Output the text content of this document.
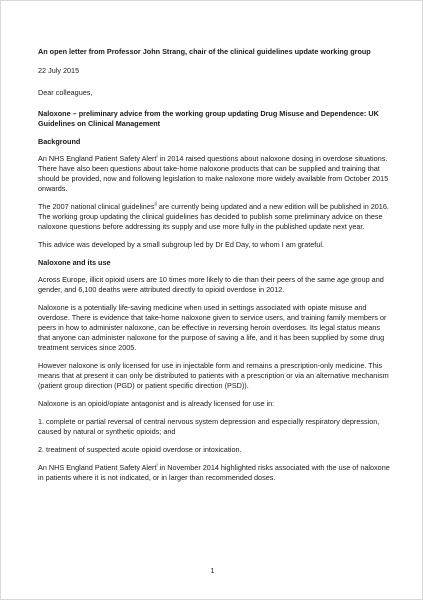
An open letter from Professor John Strang, chair of the clinical guidelines update working group

22 July 2015

Dear colleagues,

Naloxone – preliminary advice from the working group updating Drug Misuse and Dependence: UK Guidelines on Clinical Management

Background

An NHS England Patient Safety Alert$^i$ in 2014 raised questions about naloxone dosing in overdose situations. There have also been questions about take-home naloxone products that can be supplied and training that should be provided, now and following legislation to make naloxone more widely available from October 2015 onwards.

The 2007 national clinical guidelines$^{ii}$ are currently being updated and a new edition will be published in 2016. The working group updating the clinical guidelines has decided to publish some preliminary advice on these naloxone questions before addressing its supply and use more fully in the published update next year.

This advice was developed by a small subgroup led by Dr Ed Day, to whom I am grateful.

Naloxone and its use

Across Europe, illicit opioid users are 10 times more likely to die than their peers of the same age group and gender, and 6,100 deaths were attributed directly to opioid overdose in 2012.

Naloxone is a potentially life-saving medicine when used in settings associated with opiate misuse and overdose. There is evidence that take-home naloxone given to service users, and training family members or peers in how to administer naloxone, can be effective in reversing heroin overdoses. Its legal status means that anyone can administer naloxone for the purpose of saving a life, and it has been supplied by some drug treatment services since 2005.

However naloxone is only licensed for use in injectable form and remains a prescription-only medicine. This means that at present it can only be distributed to patients with a prescription or via an alternative mechanism (patient group direction (PGD) or patient specific direction (PSD)).

Naloxone is an opioid/opiate antagonist and is already licensed for use in:

1. complete or partial reversal of central nervous system depression and especially respiratory depression, caused by natural or synthetic opioids; and

2. treatment of suspected acute opioid overdose or intoxication.

An NHS England Patient Safety Alert$^i$ in November 2014 highlighted risks associated with the use of naloxone in patients where it is not indicated, or in larger than recommended doses.

1
